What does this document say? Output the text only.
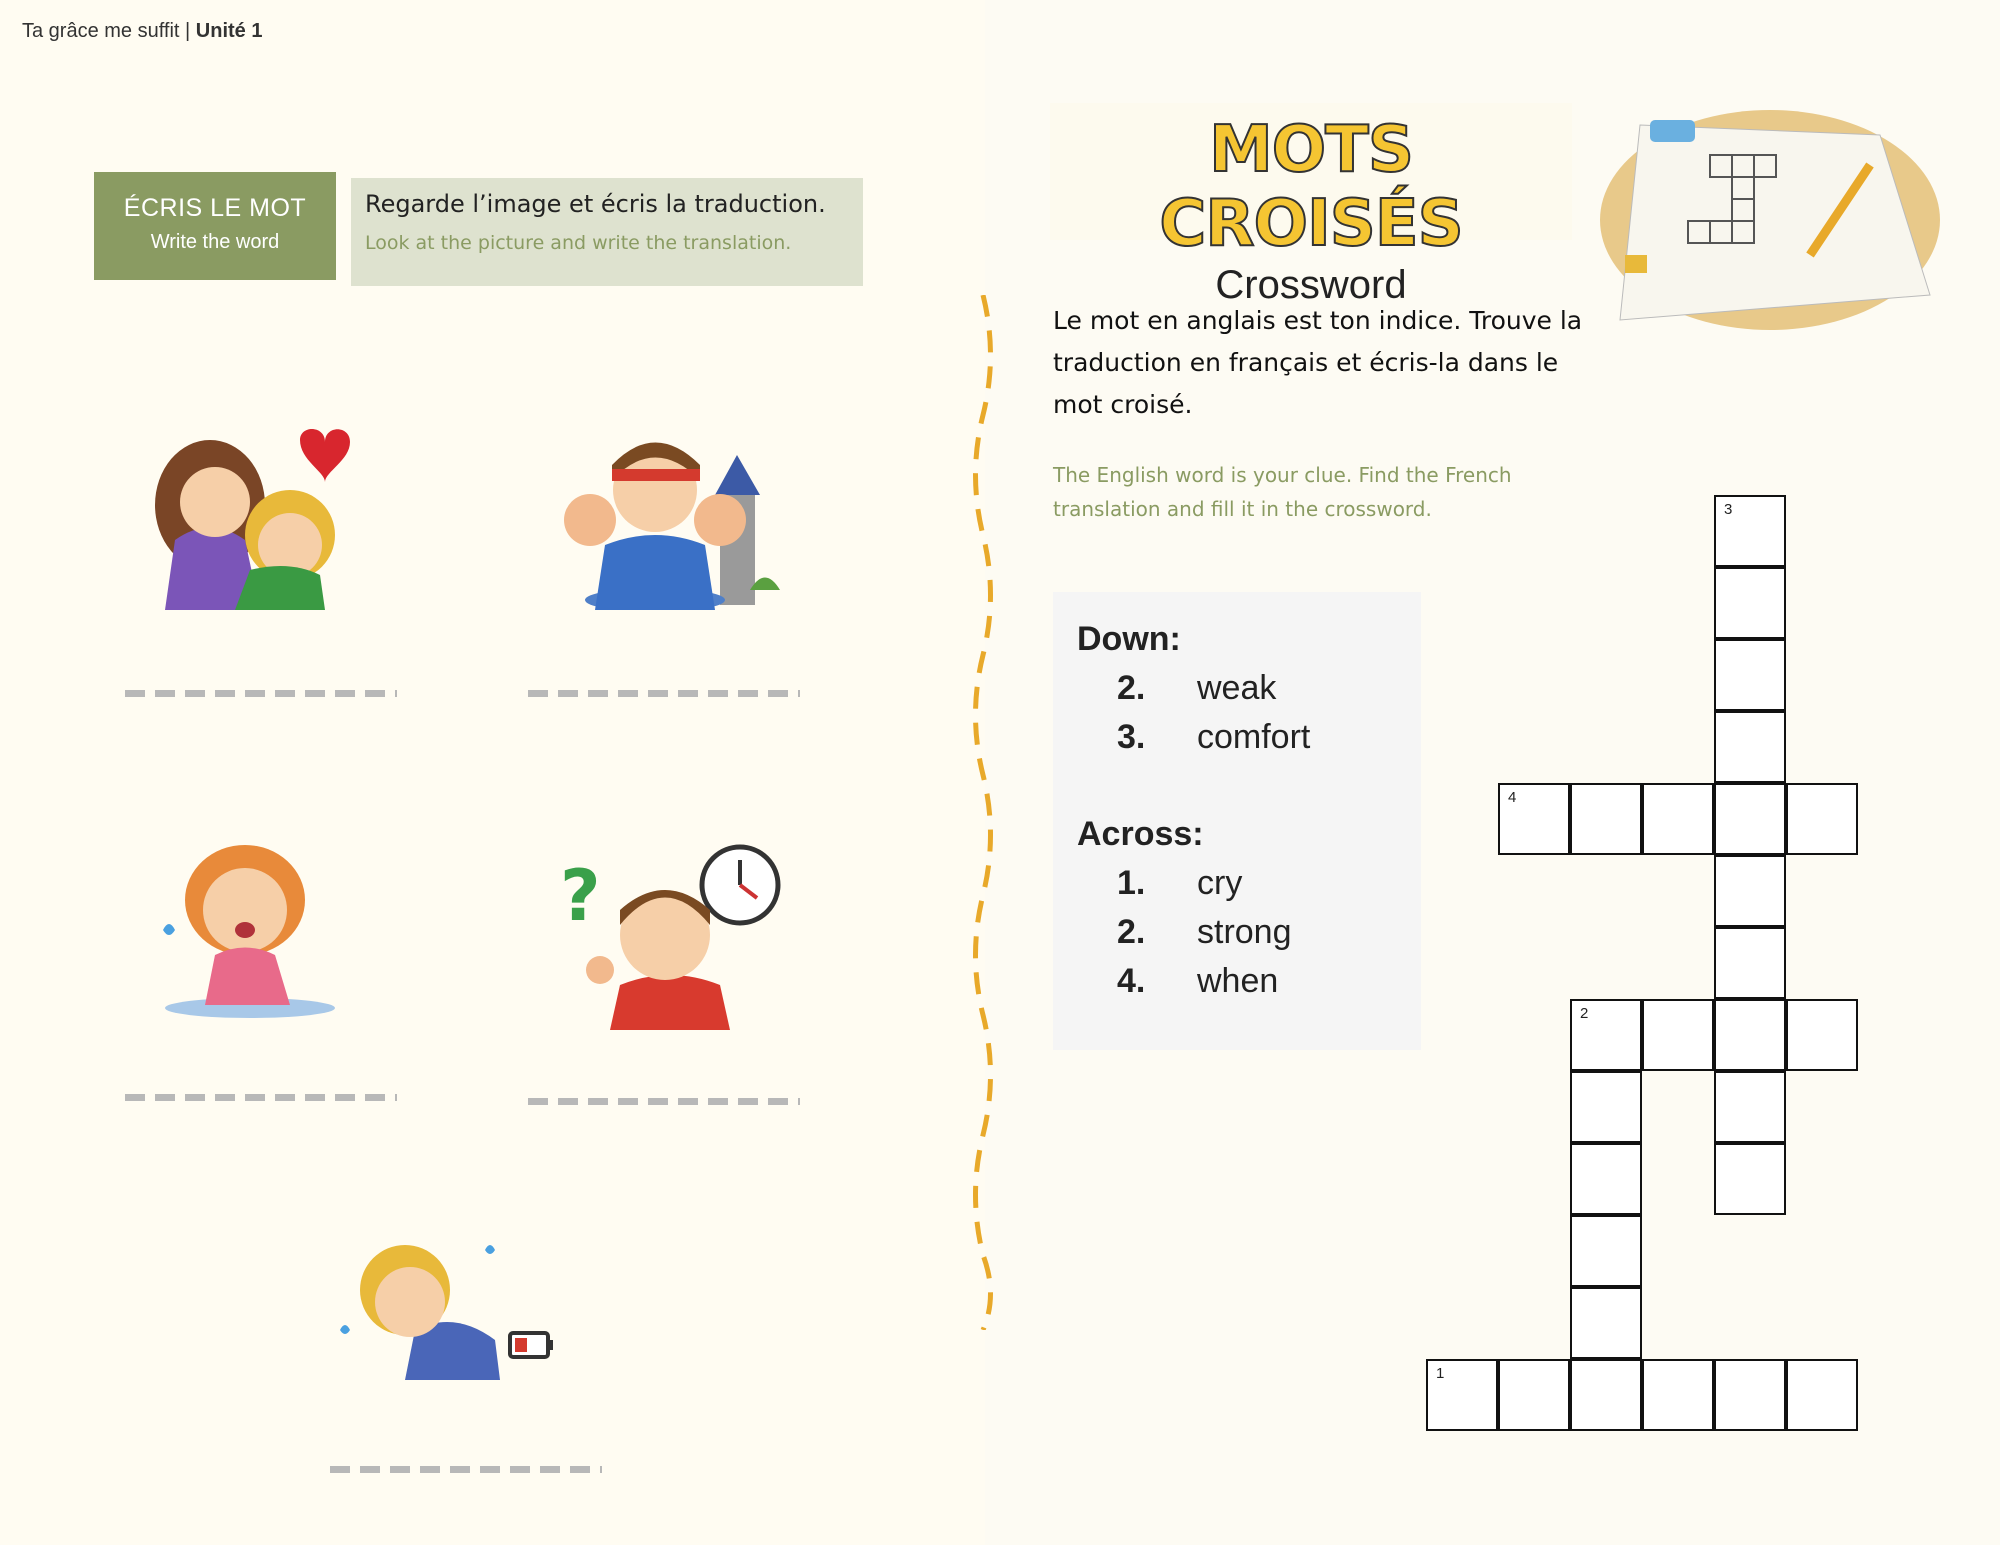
Ta grâce me suffit | Unité 1
ÉCRIS LE MOT
Write the word
Regarde l’image et écris la traduction.
Look at the picture and write the translation.
?
MOTS CROISÉS
Crossword
Le mot en anglais est ton indice. Trouve la traduction en français et écris-la dans le mot croisé.
The English word is your clue. Find the French translation and fill it in the crossword.
Down:
2.	weak
3.	comfort
Across:
1.	cry
2.	strong
4.	when
3
4
2
1
